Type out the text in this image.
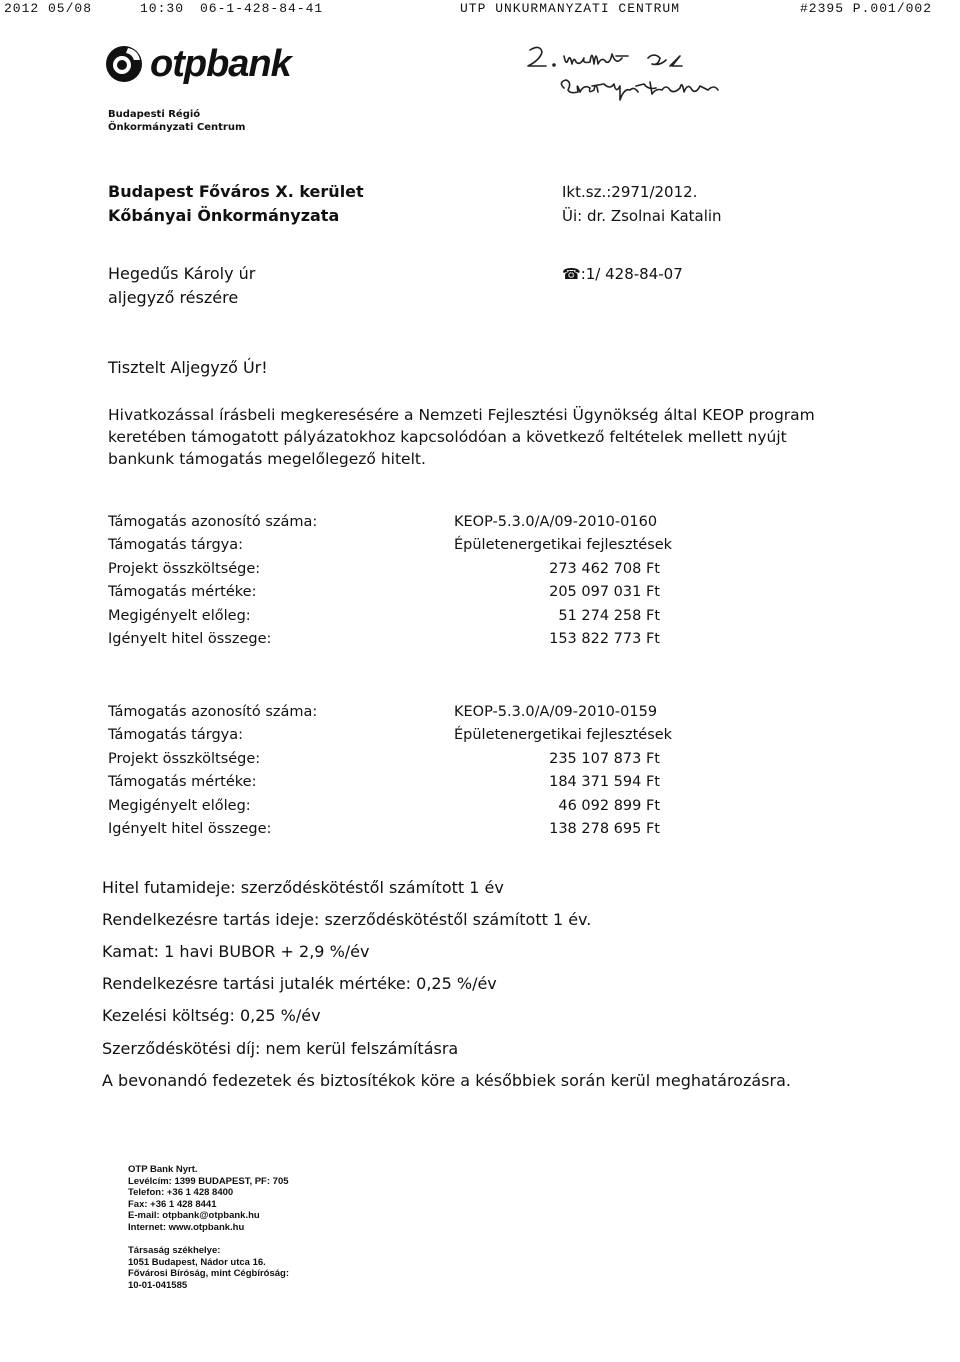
2012 05/08

	10:30

06-1-428-84-41

	UTP UNKURMANYZATI CENTRUM

	#2395 P.001/002

otpbank
Budapesti Régió
Önkormányzati Centrum
Budapest Főváros X. kerület
Kőbányai Önkormányzata
Hegedűs Károly úr
aljegyző részére
Ikt.sz.:2971/2012.
Üi: dr. Zsolnai Katalin
☎:1/ 428-84-07
Tisztelt Aljegyző Úr!
Hivatkozással írásbeli megkeresésére a Nemzeti Fejlesztési Ügynökség által KEOP program keretében támogatott pályázatokhoz kapcsolódóan a következő feltételek mellett nyújt bankunk támogatás megelőlegező hitelt.
Támogatás azonosító száma:	KEOP-5.3.0/A/09-2010-0160
Támogatás tárgya:	Épületenergetikai fejlesztések
Projekt összköltsége:	273 462 708 Ft
Támogatás mértéke:	205 097 031 Ft
Megigényelt előleg:	51 274 258 Ft
Igényelt hitel összege:	153 822 773 Ft
Támogatás azonosító száma:	KEOP-5.3.0/A/09-2010-0159
Támogatás tárgya:	Épületenergetikai fejlesztések
Projekt összköltsége:	235 107 873 Ft
Támogatás mértéke:	184 371 594 Ft
Megigényelt előleg:	46 092 899 Ft
Igényelt hitel összege:	138 278 695 Ft
Hitel futamideje: szerződéskötéstől számított 1 év
Rendelkezésre tartás ideje: szerződéskötéstől számított 1 év.
Kamat: 1 havi BUBOR + 2,9 %/év
Rendelkezésre tartási jutalék mértéke: 0,25 %/év
Kezelési költség: 0,25 %/év
Szerződéskötési díj: nem kerül felszámításra
A bevonandó fedezetek és biztosítékok köre a későbbiek során kerül meghatározásra.
OTP Bank Nyrt.
Levélcím: 1399 BUDAPEST, PF: 705
Telefon: +36 1 428 8400
Fax: +36 1 428 8441
E-mail: otpbank@otpbank.hu
Internet: www.otpbank.hu
Társaság székhelye:
1051 Budapest, Nádor utca 16.
Fővárosi Bíróság, mint Cégbíróság:
10-01-041585
